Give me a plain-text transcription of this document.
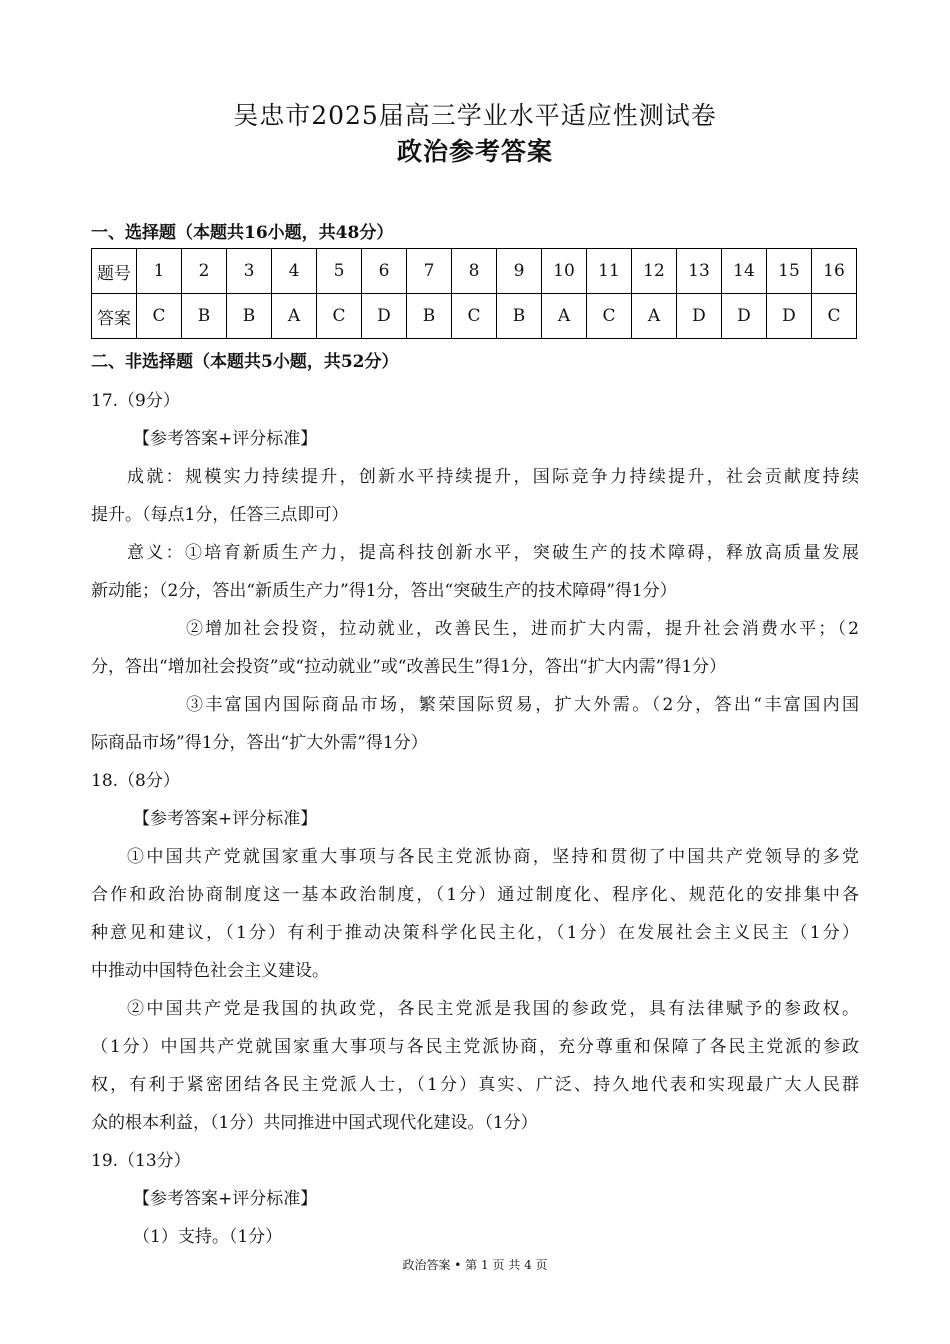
吴忠市2025届高三学业水平适应性测试卷
政治参考答案
一、选择题（本题共16小题，共48分）
题号	1	2	3	4	5	6	7	8	9	10	11	12	13	14	15	16
答案	C	B	B	A	C	D	B	C	B	A	C	A	D	D	D	C
二、非选择题（本题共5小题，共52分）
17.（9分）
【参考答案+评分标准】
成就：规模实力持续提升，创新水平持续提升，国际竞争力持续提升，社会贡献度持续
提升。（每点1分，任答三点即可）
意义：①培育新质生产力，提高科技创新水平，突破生产的技术障碍，释放高质量发展
新动能；（2分，答出“新质生产力”得1分，答出“突破生产的技术障碍”得1分）
②增加社会投资，拉动就业，改善民生，进而扩大内需，提升社会消费水平；（2
分，答出“增加社会投资”或“拉动就业”或“改善民生”得1分，答出“扩大内需”得1分）
③丰富国内国际商品市场，繁荣国际贸易，扩大外需。（2分，答出“丰富国内国
际商品市场”得1分，答出“扩大外需”得1分）
18.（8分）
【参考答案+评分标准】
①中国共产党就国家重大事项与各民主党派协商，坚持和贯彻了中国共产党领导的多党
合作和政治协商制度这一基本政治制度，（1分）通过制度化、程序化、规范化的安排集中各
种意见和建议，（1分）有利于推动决策科学化民主化，（1分）在发展社会主义民主（1分）
中推动中国特色社会主义建设。
②中国共产党是我国的执政党，各民主党派是我国的参政党，具有法律赋予的参政权。
（1分）中国共产党就国家重大事项与各民主党派协商，充分尊重和保障了各民主党派的参政
权，有利于紧密团结各民主党派人士，（1分）真实、广泛、持久地代表和实现最广大人民群
众的根本利益，（1分）共同推进中国式现代化建设。（1分）
19.（13分）
【参考答案+评分标准】
（1）支持。（1分）
政治答案 • 第 1 页 共 4 页
